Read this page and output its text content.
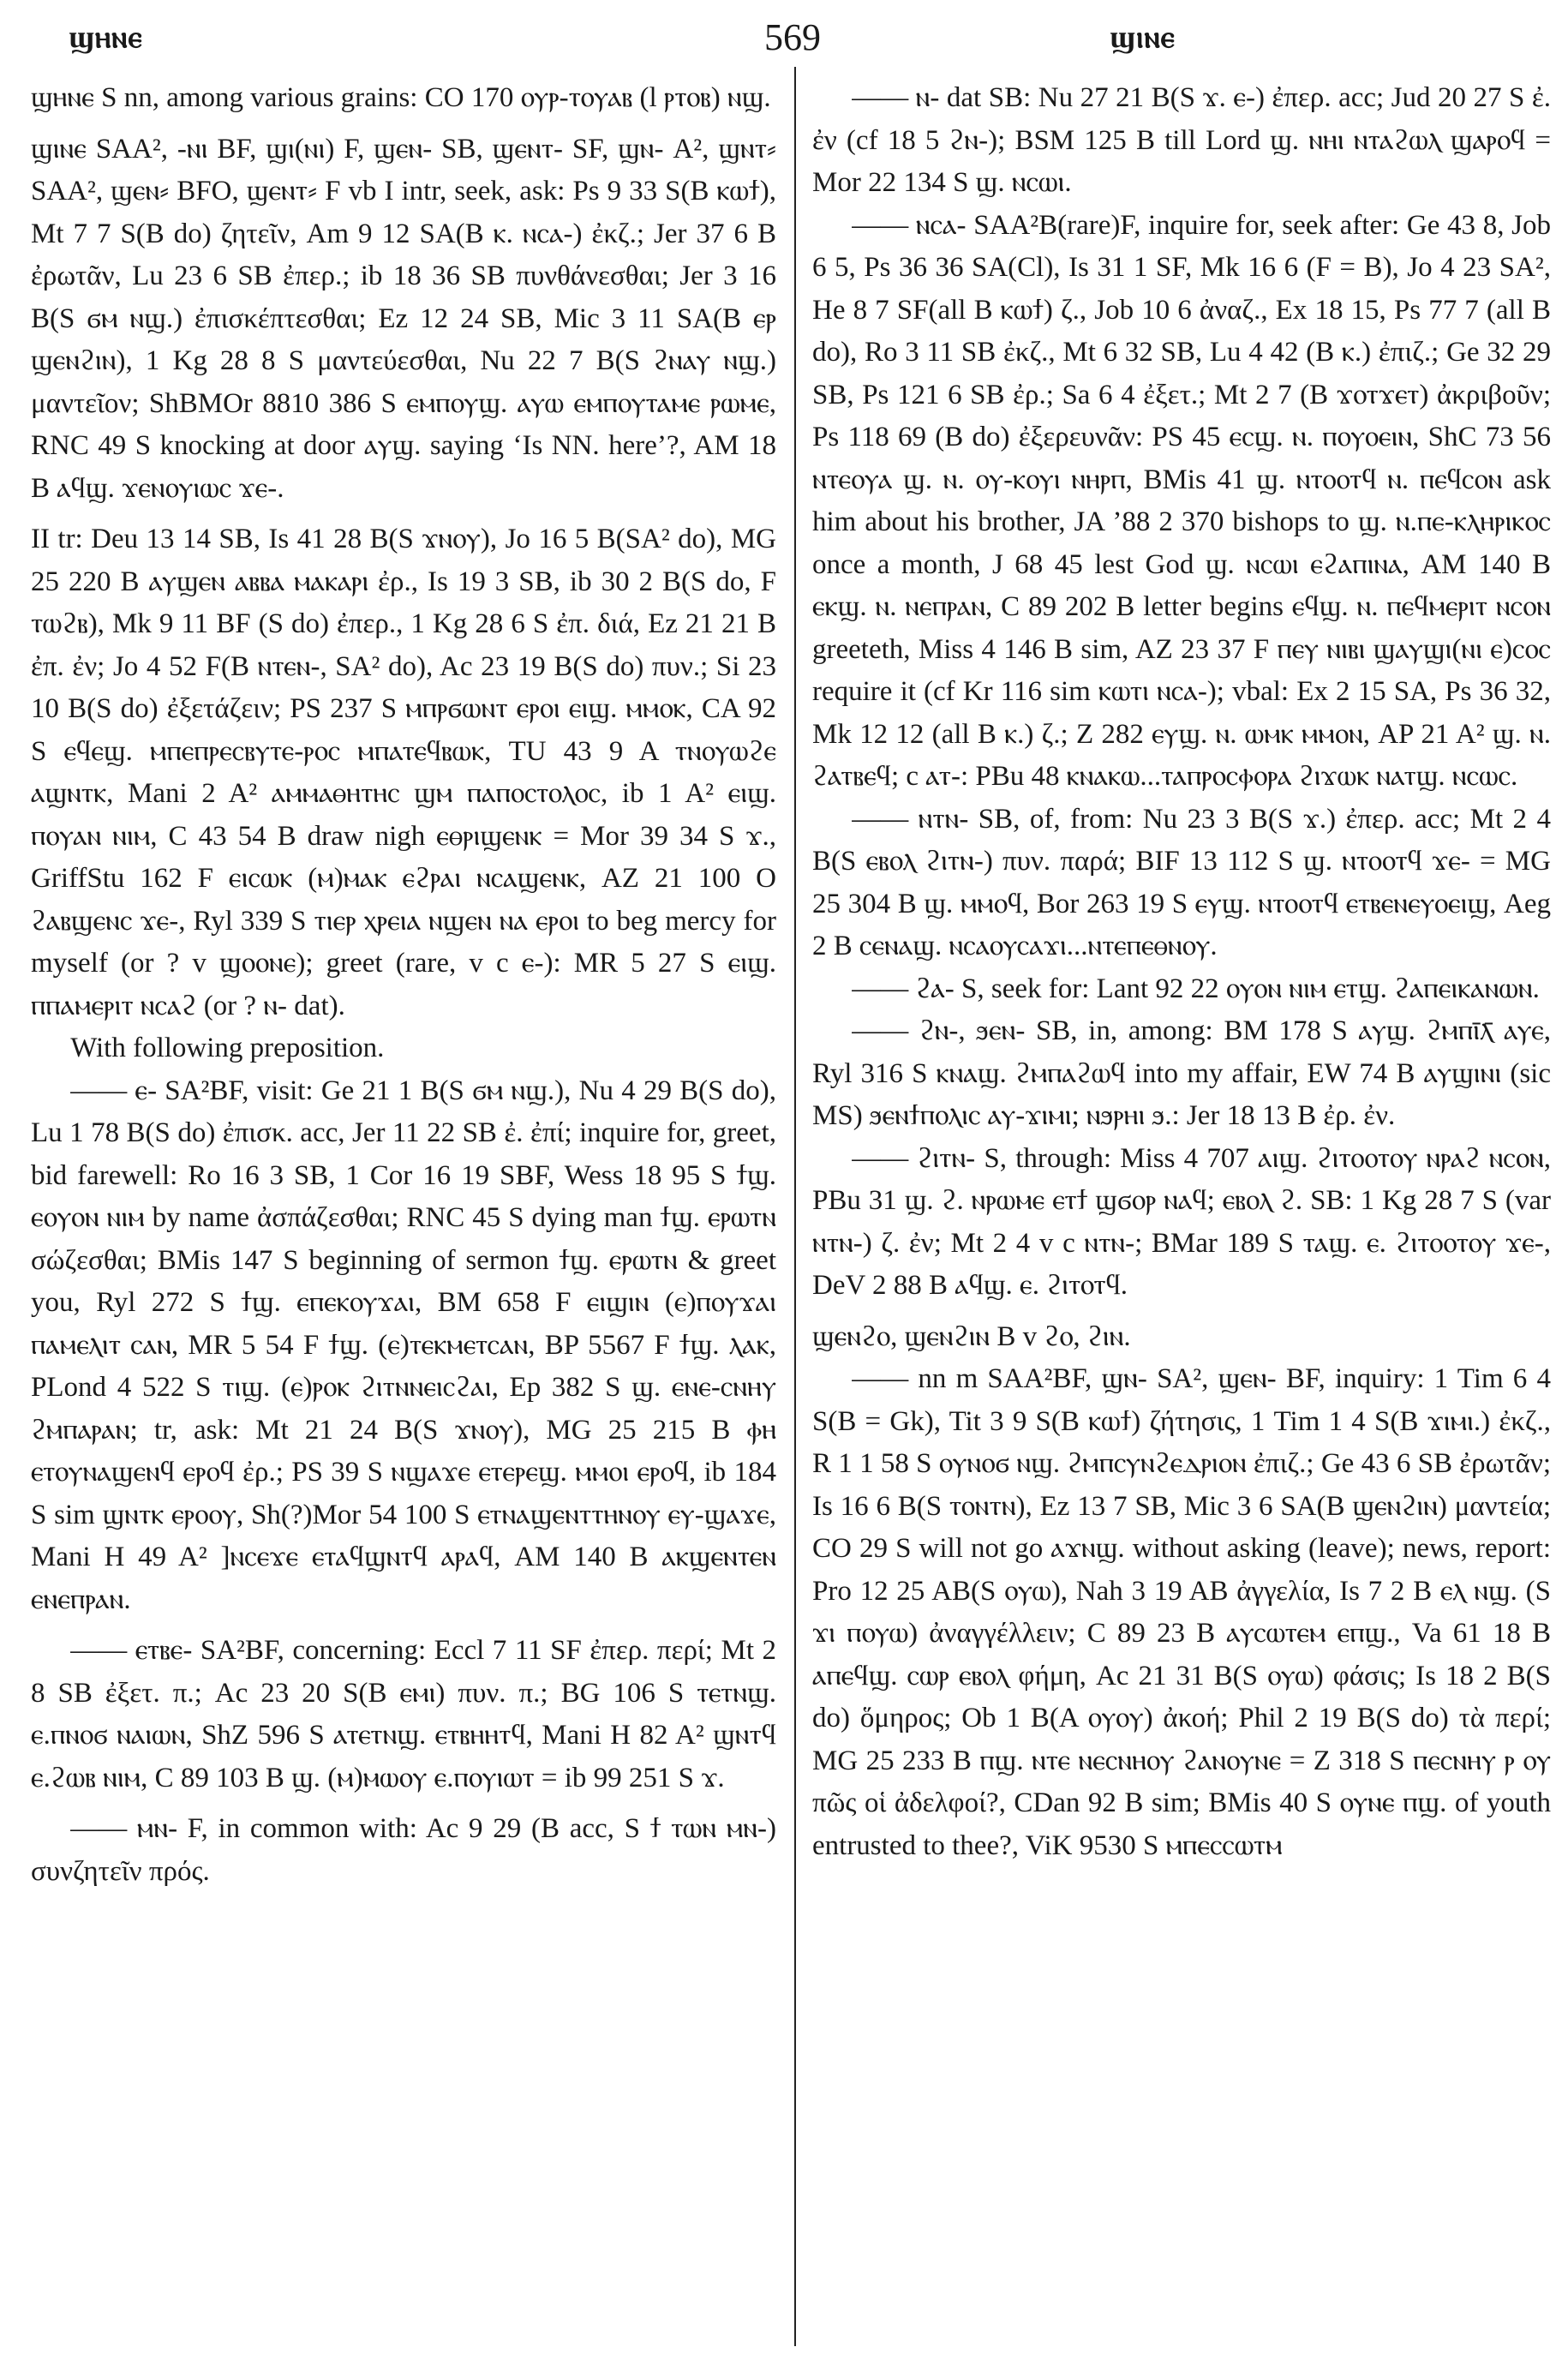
ϣⲏⲛⲉ	569	ϣⲓⲛⲉ

ϣⲏⲛⲉ S nn, among various grains: CO 170 ⲟⲩⲣ-ⲧⲟⲩⲁⲃ (l ⲣⲧⲟⲃ) ⲛϣ.

ϣⲓⲛⲉ SAA², -ⲛⲓ BF, ϣⲓ(ⲛⲓ) F, ϣⲉⲛ- SB, ϣⲉⲛⲧ- SF, ϣⲛ- A², ϣⲛⲧ⸗ SAA², ϣⲉⲛ⸗ BFO, ϣⲉⲛⲧ⸗ F vb I intr, seek, ask: Ps 9 33 S(B ⲕⲱϯ), Mt 7 7 S(B do) ζητεῖν, Am 9 12 SA(B ⲕ. ⲛⲥⲁ-) ἐκζ.; Jer 37 6 B ἐρωτᾶν, Lu 23 6 SB ἐπερ.; ib 18 36 SB πυνθάνεσθαι; Jer 3 16 B(S ϭⲙ ⲛϣ.) ἐπισκέπτεσθαι; Ez 12 24 SB, Mic 3 11 SA(B ⲉⲣ ϣⲉⲛϩⲓⲛ), 1 Kg 28 8 S μαντεύεσθαι, Nu 22 7 B(S ϩⲛⲁⲩ ⲛϣ.) μαντεῖον; ShBMOr 8810 386 S ⲉⲙⲡⲟⲩϣ. ⲁⲩⲱ ⲉⲙⲡⲟⲩⲧⲁⲙⲉ ⲣⲱⲙⲉ, RNC 49 S knocking at door ⲁⲩϣ. saying ‘Is NN. here’?, AM 18 B ⲁϥϣ. ϫⲉⲛⲟⲩⲓⲱⲥ ϫⲉ-.

II tr: Deu 13 14 SB, Is 41 28 B(S ϫⲛⲟⲩ), Jo 16 5 B(SA² do), MG 25 220 B ⲁⲩϣⲉⲛ ⲁⲃⲃⲁ ⲙⲁⲕⲁⲣⲓ ἐρ., Is 19 3 SB, ib 30 2 B(S do, F ⲧⲱϩⲃ), Mk 9 11 BF (S do) ἐπερ., 1 Kg 28 6 S ἐπ. διά, Ez 21 21 B ἐπ. ἐν; Jo 4 52 F(B ⲛⲧⲉⲛ-, SA² do), Ac 23 19 B(S do) πυν.; Si 23 10 B(S do) ἐξετάζειν; PS 237 S ⲙⲡⲣϭⲱⲛⲧ ⲉⲣⲟⲓ ⲉⲓϣ. ⲙⲙⲟⲕ, CA 92 S ⲉϥⲉϣ. ⲙⲡⲉⲡⲣⲉⲥⲃⲩⲧⲉ-ⲣⲟⲥ ⲙⲡⲁⲧⲉϥⲃⲱⲕ, TU 43 9 A ⲧⲛⲟⲩⲱϩⲉ ⲁϣⲛⲧⲕ, Mani 2 A² ⲁⲙⲙⲁⲑⲏⲧⲏⲥ ϣⲙ ⲡⲁⲡⲟⲥⲧⲟⲗⲟⲥ, ib 1 A² ⲉⲓϣ. ⲡⲟⲩⲁⲛ ⲛⲓⲙ, C 43 54 B draw nigh ⲉⲑⲣⲓϣⲉⲛⲕ = Mor 39 34 S ϫ., GriffStu 162 F ⲉⲓⲥⲱⲕ (ⲙ)ⲙⲁⲕ ⲉϩⲣⲁⲓ ⲛⲥⲁϣⲉⲛⲕ, AZ 21 100 O ϩⲁⲃϣⲉⲛⲥ ϫⲉ-, Ryl 339 S ⲧⲓⲉⲣ ⲭⲣⲉⲓⲁ ⲛϣⲉⲛ ⲛⲁ ⲉⲣⲟⲓ to beg mercy for myself (or ? v ϣⲟⲟⲛⲉ); greet (rare, v c ⲉ-): MR 5 27 S ⲉⲓϣ. ⲡⲡⲁⲙⲉⲣⲓⲧ ⲛⲥⲁϩ (or ? ⲛ- dat).

With following preposition.

—— ⲉ- SA²BF, visit: Ge 21 1 B(S ϭⲙ ⲛϣ.), Nu 4 29 B(S do), Lu 1 78 B(S do) ἐπισκ. acc, Jer 11 22 SB ἐ. ἐπί; inquire for, greet, bid farewell: Ro 16 3 SB, 1 Cor 16 19 SBF, Wess 18 95 S ϯϣ. ⲉⲟⲩⲟⲛ ⲛⲓⲙ by name ἀσπάζεσθαι; RNC 45 S dying man ϯϣ. ⲉⲣⲱⲧⲛ σώζεσθαι; BMis 147 S beginning of sermon ϯϣ. ⲉⲣⲱⲧⲛ & greet you, Ryl 272 S ϯϣ. ⲉⲡⲉⲕⲟⲩϫⲁⲓ, BM 658 F ⲉⲓϣⲓⲛ (ⲉ)ⲡⲟⲩϫⲁⲓ ⲡⲁⲙⲉⲗⲓⲧ ⲥⲁⲛ, MR 5 54 F ϯϣ. (ⲉ)ⲧⲉⲕⲙⲉⲧⲥⲁⲛ, BP 5567 F ϯϣ. ⲗⲁⲕ, PLond 4 522 S ⲧⲓϣ. (ⲉ)ⲣⲟⲕ ϩⲓⲧⲛⲛⲉⲓⲥϩⲁⲓ, Ep 382 S ϣ. ⲉⲛⲉ-ⲥⲛⲏⲩ ϩⲙⲡⲁⲣⲁⲛ; tr, ask: Mt 21 24 B(S ϫⲛⲟⲩ), MG 25 215 B ⲫⲏ ⲉⲧⲟⲩⲛⲁϣⲉⲛϥ ⲉⲣⲟϥ ἐρ.; PS 39 S ⲛϣⲁϫⲉ ⲉⲧⲉⲣⲉϣ. ⲙⲙⲟⲓ ⲉⲣⲟϥ, ib 184 S sim ϣⲛⲧⲕ ⲉⲣⲟⲟⲩ, Sh(?)Mor 54 100 S ⲉⲧⲛⲁϣⲉⲛⲧⲧⲏⲛⲟⲩ ⲉⲩ-ϣⲁϫⲉ, Mani H 49 A² ]ⲛⲥⲉϫⲉ ⲉⲧⲁϥϣⲛⲧϥ ⲁⲣⲁϥ, AM 140 B ⲁⲕϣⲉⲛⲧⲉⲛ ⲉⲛⲉⲡⲣⲁⲛ.

—— ⲉⲧⲃⲉ- SA²BF, concerning: Eccl 7 11 SF ἐπερ. περί; Mt 2 8 SB ἐξετ. π.; Ac 23 20 S(B ⲉⲙⲓ) πυν. π.; BG 106 S ⲧⲉⲧⲛϣ. ⲉ.ⲡⲛⲟϭ ⲛⲁⲓⲱⲛ, ShZ 596 S ⲁⲧⲉⲧⲛϣ. ⲉⲧⲃⲏⲏⲧϥ, Mani H 82 A² ϣⲛⲧϥ ⲉ.ϩⲱⲃ ⲛⲓⲙ, C 89 103 B ϣ. (ⲙ)ⲙⲱⲟⲩ ⲉ.ⲡⲟⲩⲓⲱⲧ = ib 99 251 S ϫ.

—— ⲙⲛ- F, in common with: Ac 9 29 (B acc, S ϯ ⲧⲱⲛ ⲙⲛ-) συνζητεῖν πρός.

—— ⲛ- dat SB: Nu 27 21 B(S ϫ. ⲉ-) ἐπερ. acc; Jud 20 27 S ἐ. ἐν (cf 18 5 ϩⲛ-); BSM 125 B till Lord ϣ. ⲛⲏⲓ ⲛⲧⲁϩⲱⲗ ϣⲁⲣⲟϥ = Mor 22 134 S ϣ. ⲛⲥⲱⲓ.

—— ⲛⲥⲁ- SAA²B(rare)F, inquire for, seek after: Ge 43 8, Job 6 5, Ps 36 36 SA(Cl), Is 31 1 SF, Mk 16 6 (F = B), Jo 4 23 SA², He 8 7 SF(all B ⲕⲱϯ) ζ., Job 10 6 ἀναζ., Ex 18 15, Ps 77 7 (all B do), Ro 3 11 SB ἐκζ., Mt 6 32 SB, Lu 4 42 (B ⲕ.) ἐπιζ.; Ge 32 29 SB, Ps 121 6 SB ἐρ.; Sa 6 4 ἐξετ.; Mt 2 7 (B ϫⲟⲧϫⲉⲧ) ἀκριβοῦν; Ps 118 69 (B do) ἐξερευνᾶν: PS 45 ⲉⲥϣ. ⲛ. ⲡⲟⲩⲟⲉⲓⲛ, ShC 73 56 ⲛⲧⲉⲟⲩⲁ ϣ. ⲛ. ⲟⲩ-ⲕⲟⲩⲓ ⲛⲏⲣⲡ, BMis 41 ϣ. ⲛⲧⲟⲟⲧϥ ⲛ. ⲡⲉϥⲥⲟⲛ ask him about his brother, JA ’88 2 370 bishops to ϣ. ⲛ.ⲡⲉ-ⲕⲗⲏⲣⲓⲕⲟⲥ once a month, J 68 45 lest God ϣ. ⲛⲥⲱⲓ ⲉϩⲁⲡⲓⲛⲁ, AM 140 B ⲉⲕϣ. ⲛ. ⲛⲉⲡⲣⲁⲛ, C 89 202 B letter begins ⲉϥϣ. ⲛ. ⲡⲉϥⲙⲉⲣⲓⲧ ⲛⲥⲟⲛ greeteth, Miss 4 146 B sim, AZ 23 37 F ⲡⲉⲩ ⲛⲓⲃⲓ ϣⲁⲩϣⲓ(ⲛⲓ ⲉ)ⲥⲟⲥ require it (cf Kr 116 sim ⲕⲱⲧⲓ ⲛⲥⲁ-); vbal: Ex 2 15 SA, Ps 36 32, Mk 12 12 (all B ⲕ.) ζ.; Z 282 ⲉⲩϣ. ⲛ. ⲱⲙⲕ ⲙⲙⲟⲛ, AP 21 A² ϣ. ⲛ. ϩⲁⲧⲃⲉϥ; c ⲁⲧ-: PBu 48 ⲕⲛⲁⲕⲱ...ⲧⲁⲡⲣⲟⲥⲫⲟⲣⲁ ϩⲓϫⲱⲕ ⲛⲁⲧϣ. ⲛⲥⲱⲥ.

—— ⲛⲧⲛ- SB, of, from: Nu 23 3 B(S ϫ.) ἐπερ. acc; Mt 2 4 B(S ⲉⲃⲟⲗ ϩⲓⲧⲛ-) πυν. παρά; BIF 13 112 S ϣ. ⲛⲧⲟⲟⲧϥ ϫⲉ- = MG 25 304 B ϣ. ⲙⲙⲟϥ, Bor 263 19 S ⲉⲩϣ. ⲛⲧⲟⲟⲧϥ ⲉⲧⲃⲉⲛⲉⲩⲟⲉⲓϣ, Aeg 2 B ⲥⲉⲛⲁϣ. ⲛⲥⲁⲟⲩⲥⲁϫⲓ...ⲛⲧⲉⲡⲉⲑⲛⲟⲩ.

—— ϩⲁ- S, seek for: Lant 92 22 ⲟⲩⲟⲛ ⲛⲓⲙ ⲉⲧϣ. ϩⲁⲡⲉⲓⲕⲁⲛⲱⲛ.

—— ϩⲛ-, ϧⲉⲛ- SB, in, among: BM 178 S ⲁⲩϣ. ϩⲙⲡⲓ̄ⲗ̄ ⲁⲩⲉ, Ryl 316 S ⲕⲛⲁϣ. ϩⲙⲡⲁϩⲱϥ into my affair, EW 74 B ⲁⲩϣⲓⲛⲓ (sic MS) ϧⲉⲛϯⲡⲟⲗⲓⲥ ⲁⲩ-ϫⲓⲙⲓ; ⲛϧⲣⲏⲓ ϧ.: Jer 18 13 B ἐρ. ἐν.

—— ϩⲓⲧⲛ- S, through: Miss 4 707 ⲁⲓϣ. ϩⲓⲧⲟⲟⲧⲟⲩ ⲛⲣⲁϩ ⲛⲥⲟⲛ, PBu 31 ϣ. ϩ. ⲛⲣⲱⲙⲉ ⲉⲧϯ ϣϭⲟⲣ ⲛⲁϥ; ⲉⲃⲟⲗ ϩ. SB: 1 Kg 28 7 S (var ⲛⲧⲛ-) ζ. ἐν; Mt 2 4 v c ⲛⲧⲛ-; BMar 189 S ⲧⲁϣ. ⲉ. ϩⲓⲧⲟⲟⲧⲟⲩ ϫⲉ-, DeV 2 88 B ⲁϥϣ. ⲉ. ϩⲓⲧⲟⲧϥ.

ϣⲉⲛϩⲟ, ϣⲉⲛϩⲓⲛ B v ϩⲟ, ϩⲓⲛ.

—— nn m SAA²BF, ϣⲛ- SA², ϣⲉⲛ- BF, inquiry: 1 Tim 6 4 S(B = Gk), Tit 3 9 S(B ⲕⲱϯ) ζήτησις, 1 Tim 1 4 S(B ϫⲓⲙⲓ.) ἐκζ., R 1 1 58 S ⲟⲩⲛⲟϭ ⲛϣ. ϩⲙⲡⲥⲩⲛϩⲉⲇⲣⲓⲟⲛ ἐπιζ.; Ge 43 6 SB ἐρωτᾶν; Is 16 6 B(S ⲧⲟⲛⲧⲛ), Ez 13 7 SB, Mic 3 6 SA(B ϣⲉⲛϩⲓⲛ) μαντεία; CO 29 S will not go ⲁϫⲛϣ. without asking (leave); news, report: Pro 12 25 AB(S ⲟⲩⲱ), Nah 3 19 AB ἀγγελία, Is 7 2 B ⲉⲗ ⲛϣ. (S ϫⲓ ⲡⲟⲩⲱ) ἀναγγέλλειν; C 89 23 B ⲁⲩⲥⲱⲧⲉⲙ ⲉⲡϣ., Va 61 18 B ⲁⲡⲉϥϣ. ⲥⲱⲣ ⲉⲃⲟⲗ φήμη, Ac 21 31 B(S ⲟⲩⲱ) φάσις; Is 18 2 B(S do) ὅμηρος; Ob 1 B(A ⲟⲩⲟⲩ) ἀκοή; Phil 2 19 B(S do) τὰ περί; MG 25 233 B ⲡϣ. ⲛⲧⲉ ⲛⲉⲥⲛⲏⲟⲩ ϩⲁⲛⲟⲩⲛⲉ = Z 318 S ⲡⲉⲥⲛⲏⲩ ⲣ ⲟⲩ πῶς οἱ ἀδελφοί?, CDan 92 B sim; BMis 40 S ⲟⲩⲛⲉ ⲡϣ. of youth entrusted to thee?, ViK 9530 S ⲙⲡⲉⲥⲥⲱⲧⲙ
